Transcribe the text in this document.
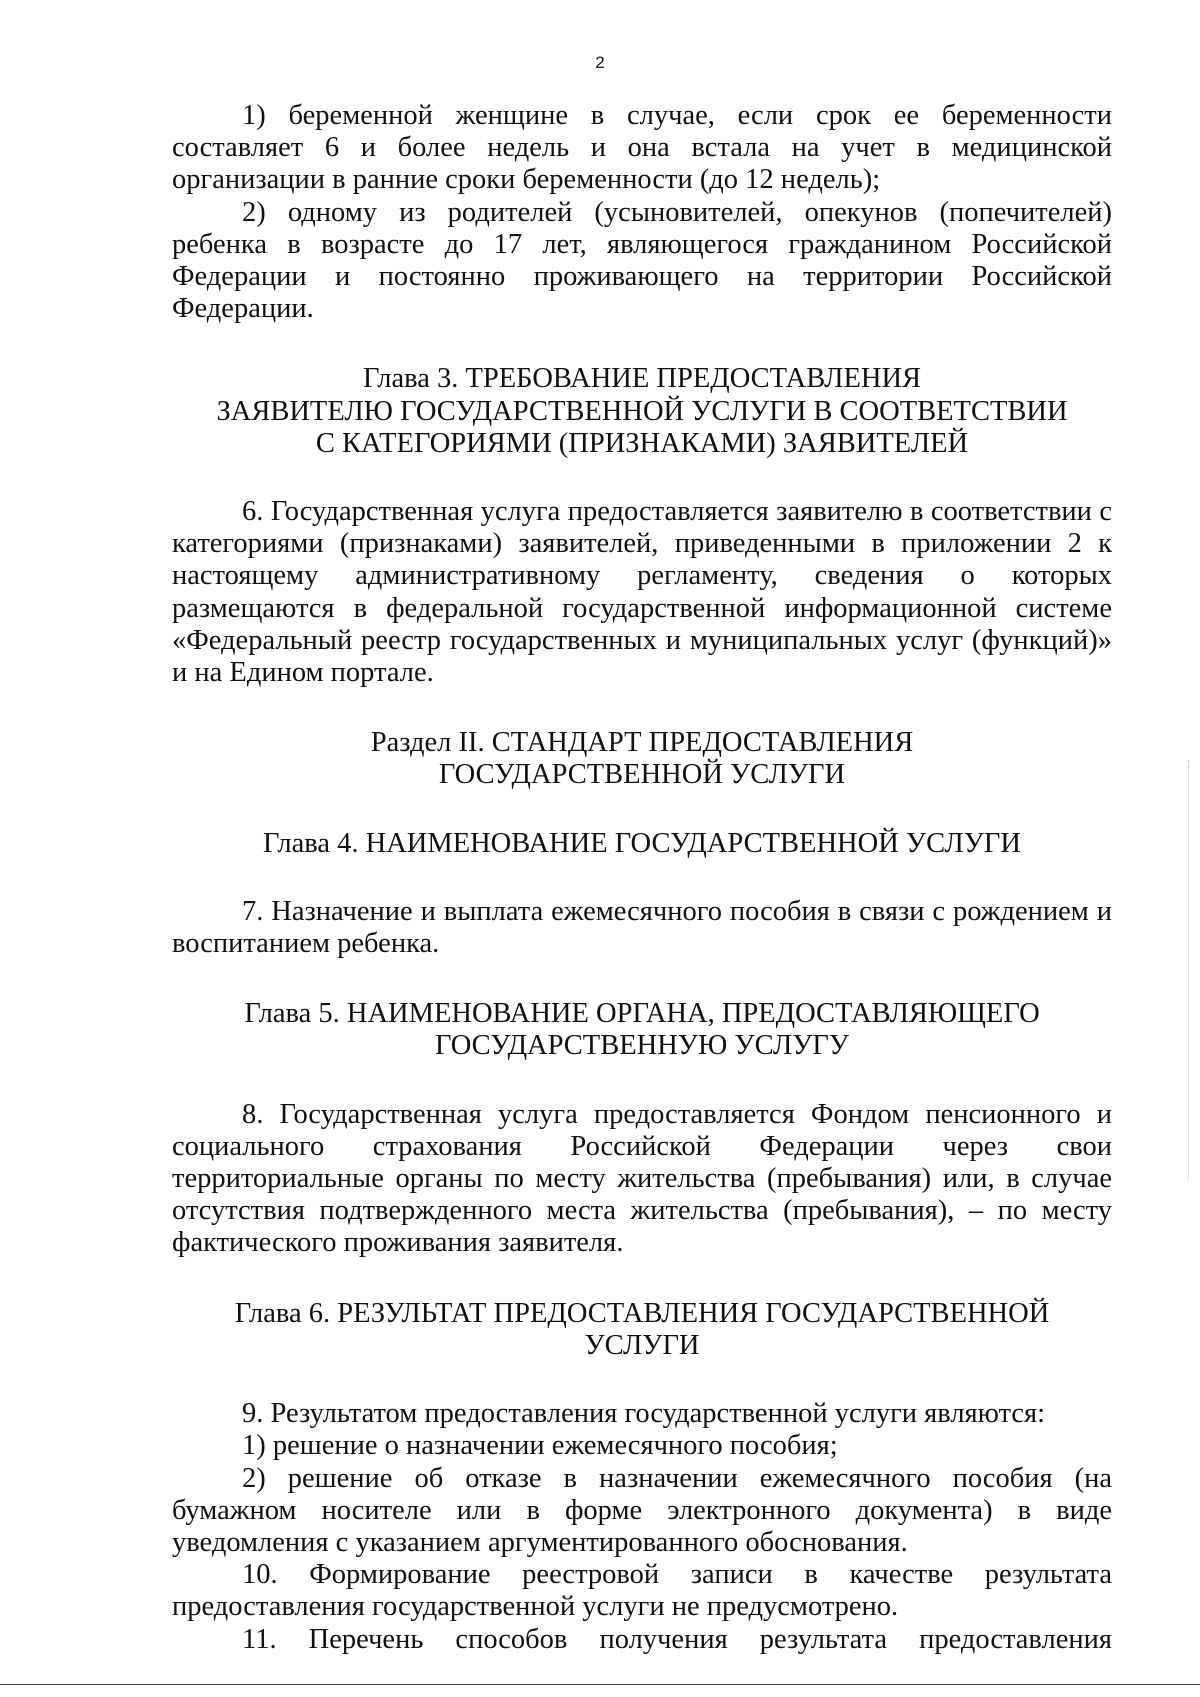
2

1) беременной женщине в случае, если срок ее беременности составляет 6 и более недель и она встала на учет в медицинской организации в ранние сроки беременности (до 12 недель);

2) одному из родителей (усыновителей, опекунов (попечителей) ребенка в возрасте до 17 лет, являющегося гражданином Российской Федерации и постоянно проживающего на территории Российской Федерации.

Глава 3. ТРЕБОВАНИЕ ПРЕДОСТАВЛЕНИЯ
ЗАЯВИТЕЛЮ ГОСУДАРСТВЕННОЙ УСЛУГИ В СООТВЕТСТВИИ
С КАТЕГОРИЯМИ (ПРИЗНАКАМИ) ЗАЯВИТЕЛЕЙ

6. Государственная услуга предоставляется заявителю в соответствии с категориями (признаками) заявителей, приведенными в приложении 2 к настоящему административному регламенту, сведения о которых размещаются в федеральной государственной информационной системе «Федеральный реестр государственных и муниципальных услуг (функций)» и на Едином портале.

Раздел II. СТАНДАРТ ПРЕДОСТАВЛЕНИЯ
ГОСУДАРСТВЕННОЙ УСЛУГИ
Глава 4. НАИМЕНОВАНИЕ ГОСУДАРСТВЕННОЙ УСЛУГИ

7. Назначение и выплата ежемесячного пособия в связи с рождением и воспитанием ребенка.

Глава 5. НАИМЕНОВАНИЕ ОРГАНА, ПРЕДОСТАВЛЯЮЩЕГО
ГОСУДАРСТВЕННУЮ УСЛУГУ

8. Государственная услуга предоставляется Фондом пенсионного и социального страхования Российской Федерации через свои территориальные органы по месту жительства (пребывания) или, в случае отсутствия подтвержденного места жительства (пребывания), – по месту фактического проживания заявителя.

Глава 6. РЕЗУЛЬТАТ ПРЕДОСТАВЛЕНИЯ ГОСУДАРСТВЕННОЙ
УСЛУГИ

9. Результатом предоставления государственной услуги являются:

1) решение о назначении ежемесячного пособия;

2) решение об отказе в назначении ежемесячного пособия (на бумажном носителе или в форме электронного документа) в виде уведомления с указанием аргументированного обоснования.

10. Формирование реестровой записи в качестве результата предоставления государственной услуги не предусмотрено.

11. Перечень способов получения результата предоставления
